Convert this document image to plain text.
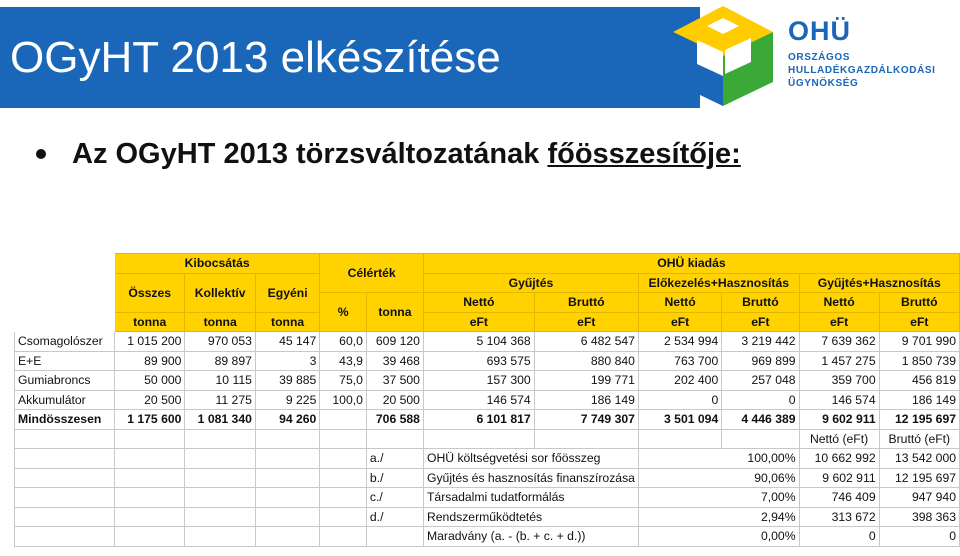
OGyHT 2013 elkészítése
OHÜ
ORSZÁGOS
HULLADÉKGAZDÁLKODÁSI
ÜGYNÖKSÉG
Az OGyHT 2013 törzsváltozatának főösszesítője:
	Kibocsátás			Célérték		OHÜ kiadás					
	Összes	Kollektív	Egyéni			Gyűjtés		Előkezelés+Hasznosítás		Gyűjtés+Hasznosítás	
				%	tonna	Nettó	Bruttó	Nettó	Bruttó	Nettó	Bruttó
	tonna	tonna	tonna			eFt	eFt	eFt	eFt	eFt	eFt
Csomagolószer	1 015 200	970 053	45 147	60,0	609 120	5 104 368	6 482 547	2 534 994	3 219 442	7 639 362	9 701 990
E+E	89 900	89 897	3	43,9	39 468	693 575	880 840	763 700	969 899	1 457 275	1 850 739
Gumiabroncs	50 000	10 115	39 885	75,0	37 500	157 300	199 771	202 400	257 048	359 700	456 819
Akkumulátor	20 500	11 275	9 225	100,0	20 500	146 574	186 149	0	0	146 574	186 149
Mindösszesen	1 175 600	1 081 340	94 260		706 588	6 101 817	7 749 307	3 501 094	4 446 389	9 602 911	12 195 697
										Nettó (eFt)	Bruttó (eFt)
					a./	OHÜ költségvetési sor főösszeg		100,00%		10 662 992	13 542 000
					b./	Gyűjtés és hasznosítás finanszírozása		90,06%		9 602 911	12 195 697
					c./	Társadalmi tudatformálás		7,00%		746 409	947 940
					d./	Rendszerműködtetés		2,94%		313 672	398 363
						Maradvány (a. - (b. + c. + d.))		0,00%		0	0
